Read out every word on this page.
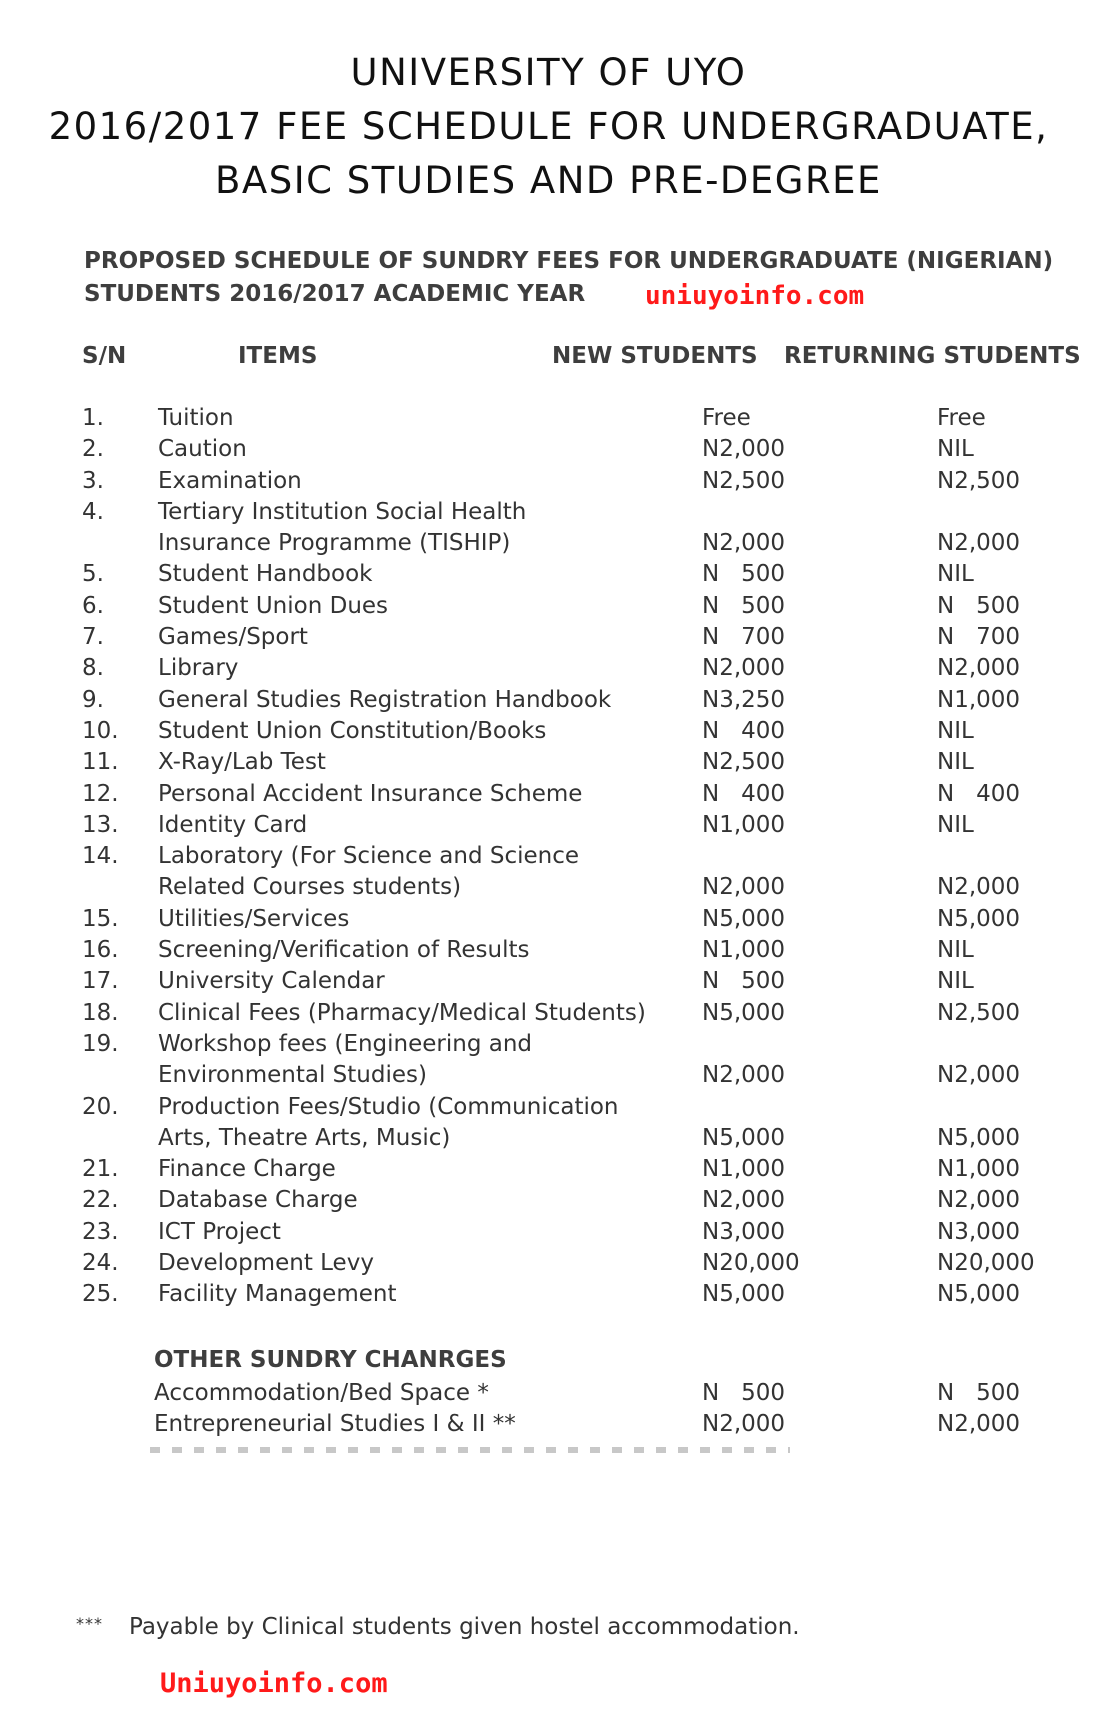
UNIVERSITY OF UYO
2016/2017 FEE SCHEDULE FOR UNDERGRADUATE,
BASIC STUDIES AND PRE-DEGREE
PROPOSED SCHEDULE OF SUNDRY FEES FOR UNDERGRADUATE (NIGERIAN)
STUDENTS 2016/2017 ACADEMIC YEAR	uniuyoinfo.com
S/N	ITEMS	NEW STUDENTS RETURNING STUDENTS
1. Tuition	Free	Free
2. Caution	N2,000	NIL
3. Examination	N2,500	N2,500
4. Tertiary Institution Social Health
Insurance Programme (TISHIP)	N2,000	N2,000
5. Student Handbook	N   500	NIL
6. Student Union Dues	N   500	N   500
7. Games/Sport	N   700	N   700
8. Library	N2,000	N2,000
9. General Studies Registration Handbook	N3,250	N1,000
10. Student Union Constitution/Books	N   400	NIL
11. X-Ray/Lab Test	N2,500	NIL
12. Personal Accident Insurance Scheme	N   400	N   400
13. Identity Card	N1,000	NIL
14. Laboratory (For Science and Science
Related Courses students)	N2,000	N2,000
15. Utilities/Services	N5,000	N5,000
16. Screening/Verification of Results	N1,000	NIL
17. University Calendar	N   500	NIL
18. Clinical Fees (Pharmacy/Medical Students) N5,000	N2,500
19. Workshop fees (Engineering and
Environmental Studies)	N2,000	N2,000
20. Production Fees/Studio (Communication
Arts, Theatre Arts, Music)	N5,000	N5,000
21. Finance Charge	N1,000	N1,000
22. Database Charge	N2,000	N2,000
23. ICT Project	N3,000	N3,000
24. Development Levy	N20,000	N20,000
25. Facility Management	N5,000	N5,000
OTHER SUNDRY CHANRGES
Accommodation/Bed Space *	N   500	N   500
Entrepreneurial Studies I & II **	N2,000	N2,000
*** Payable by Clinical students given hostel accommodation.
Uniuyoinfo.com
